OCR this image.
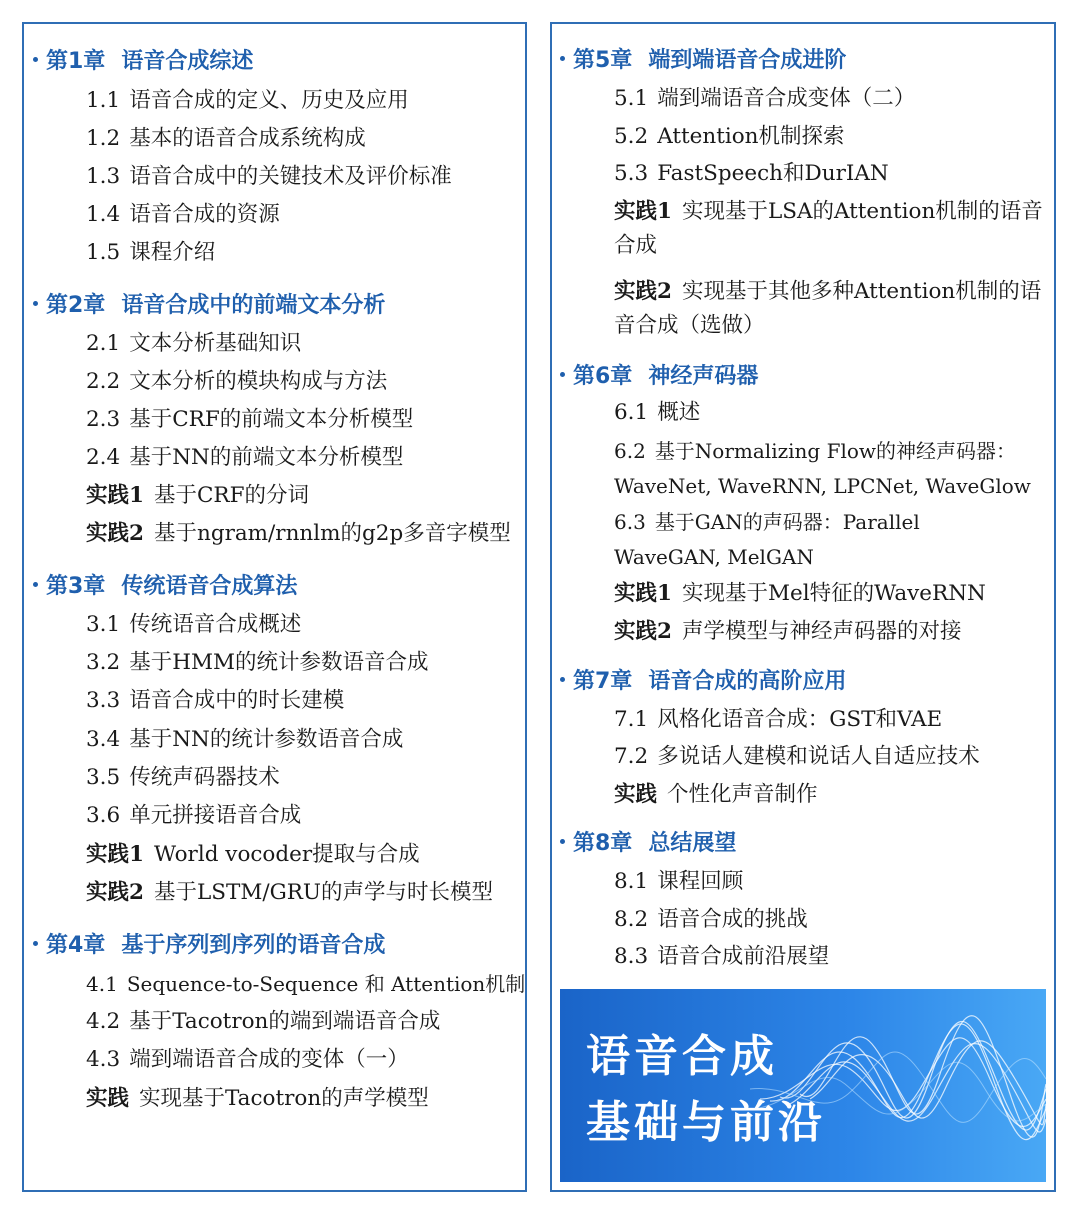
第1章 语音合成综述
1.1 语音合成的定义、历史及应用
1.2 基本的语音合成系统构成
1.3 语音合成中的关键技术及评价标准
1.4 语音合成的资源
1.5 课程介绍
第2章 语音合成中的前端文本分析
2.1 文本分析基础知识
2.2 文本分析的模块构成与方法
2.3 基于CRF的前端文本分析模型
2.4 基于NN的前端文本分析模型
实践1 基于CRF的分词
实践2 基于ngram/rnnlm的g2p多音字模型
第3章 传统语音合成算法
3.1 传统语音合成概述
3.2 基于HMM的统计参数语音合成
3.3 语音合成中的时长建模
3.4 基于NN的统计参数语音合成
3.5 传统声码器技术
3.6 单元拼接语音合成
实践1 World vocoder提取与合成
实践2 基于LSTM/GRU的声学与时长模型
第4章 基于序列到序列的语音合成
4.1 Sequence-to-Sequence 和 Attention机制
4.2 基于Tacotron的端到端语音合成
4.3 端到端语音合成的变体（一）
实践 实现基于Tacotron的声学模型
第5章 端到端语音合成进阶
5.1 端到端语音合成变体（二）
5.2 Attention机制探索
5.3 FastSpeech和DurIAN
实践1 实现基于LSA的Attention机制的语音合成
实践2 实现基于其他多种Attention机制的语音合成（选做）
第6章 神经声码器
6.1 概述
6.2 基于Normalizing Flow的神经声码器：
WaveNet, WaveRNN, LPCNet, WaveGlow
6.3 基于GAN的声码器：Parallel
WaveGAN, MelGAN
实践1 实现基于Mel特征的WaveRNN
实践2 声学模型与神经声码器的对接
第7章 语音合成的高阶应用
7.1 风格化语音合成：GST和VAE
7.2 多说话人建模和说话人自适应技术
实践 个性化声音制作
第8章 总结展望
8.1 课程回顾
8.2 语音合成的挑战
8.3 语音合成前沿展望
语音合成
基础与前沿
